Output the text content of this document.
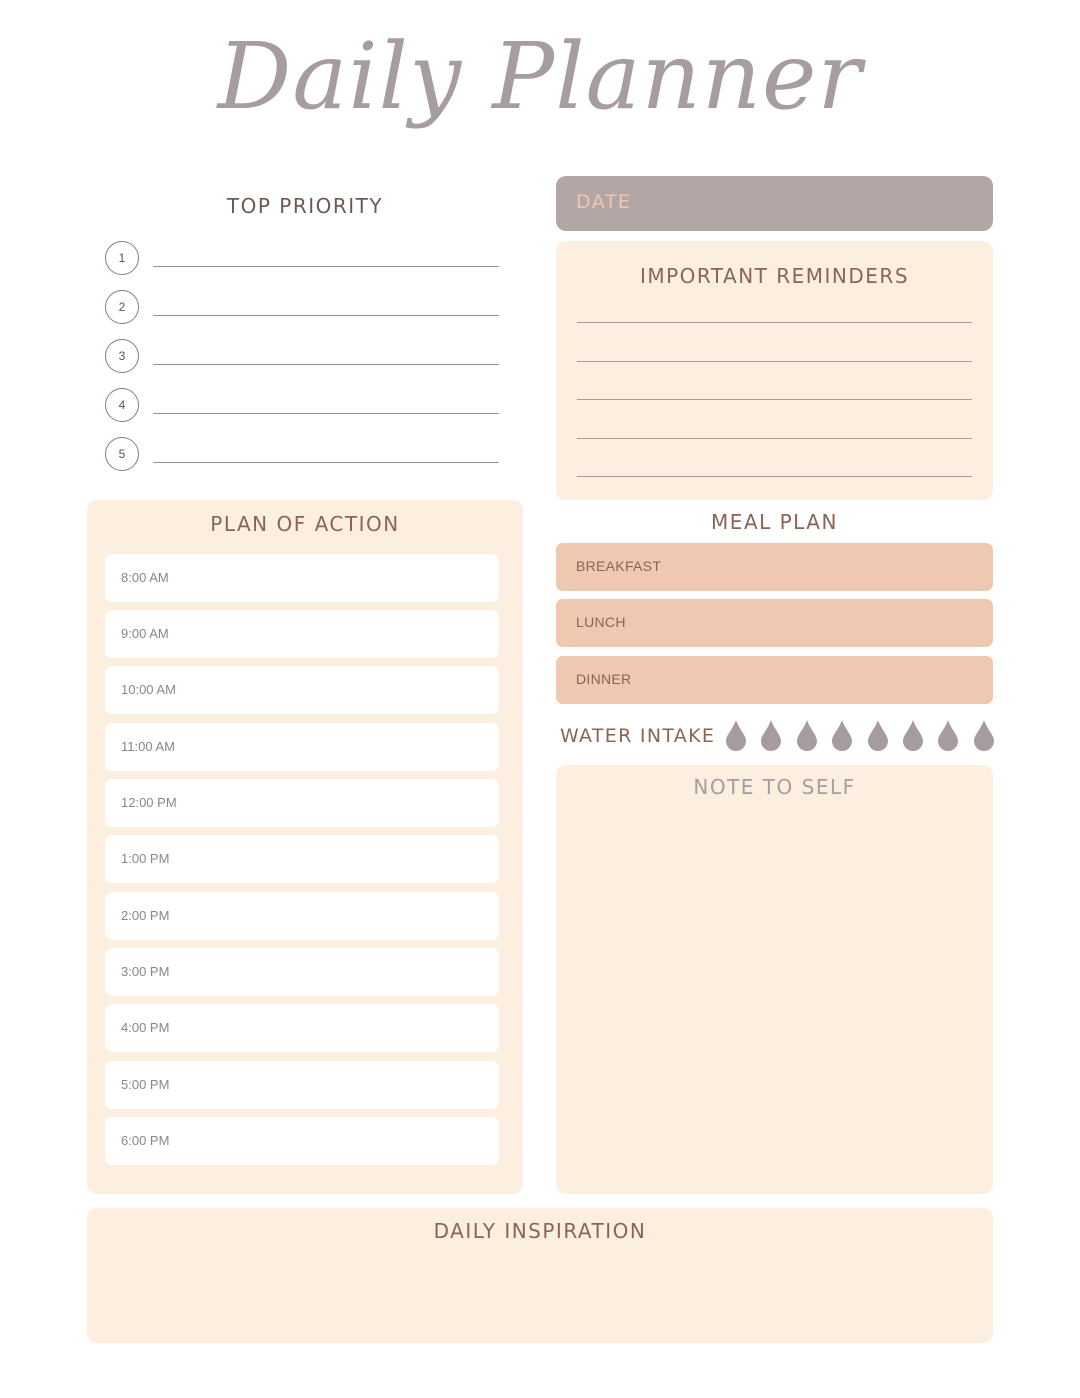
Daily Planner
TOP PRIORITY
1
2
3
4
5
DATE
IMPORTANT REMINDERS
PLAN OF ACTION
8:00 AM
9:00 AM
10:00 AM
11:00 AM
12:00 PM
1:00 PM
2:00 PM
3:00 PM
4:00 PM
5:00 PM
6:00 PM
MEAL PLAN
BREAKFAST
LUNCH
DINNER
WATER INTAKE
NOTE TO SELF
DAILY INSPIRATION
